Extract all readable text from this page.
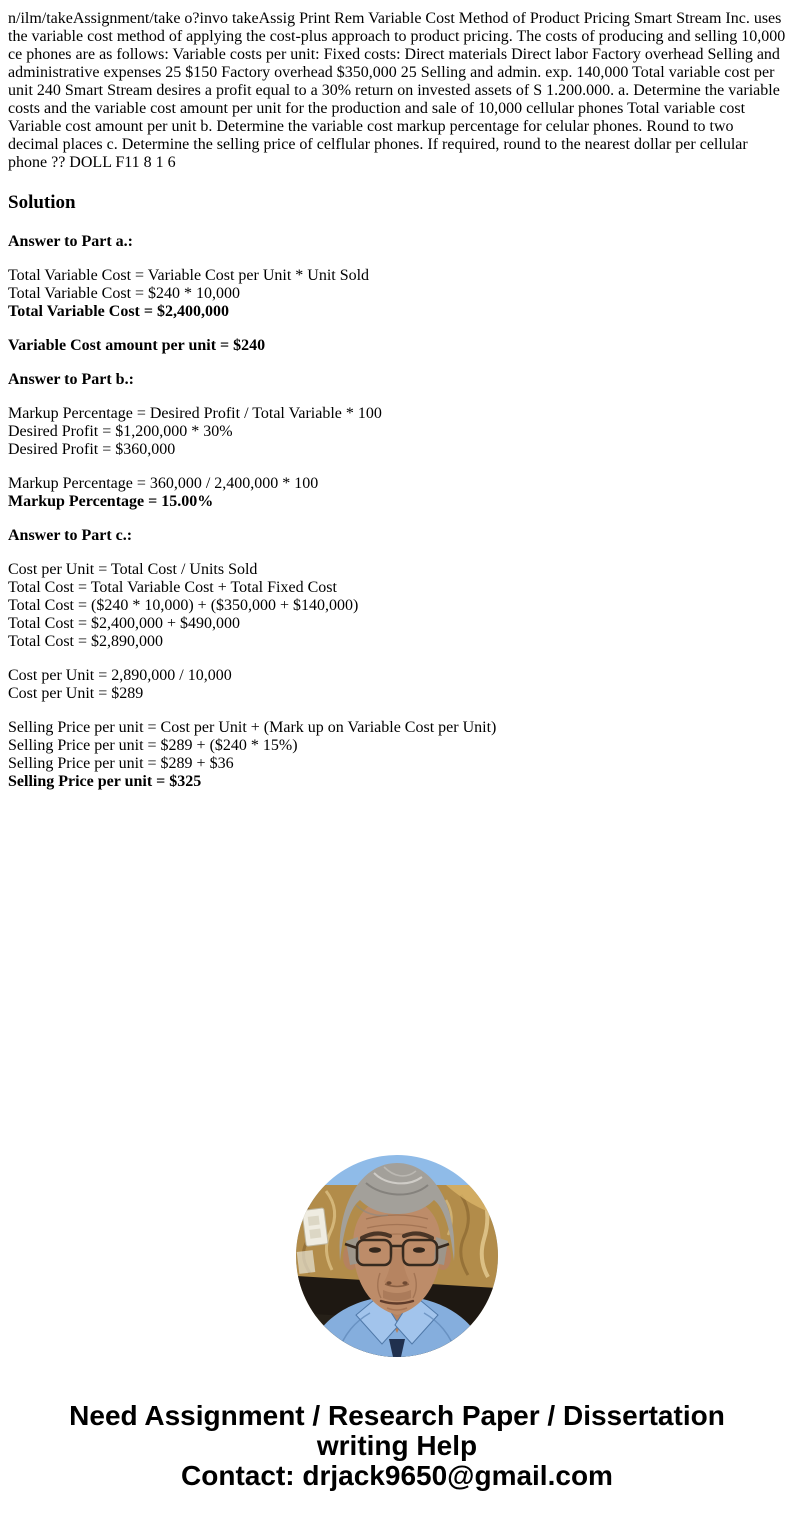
n/ilm/takeAssignment/take o?invo takeAssig Print Rem Variable Cost Method of Product Pricing Smart Stream Inc. uses the variable cost method of applying the cost-plus approach to product pricing. The costs of producing and selling 10,000 ce phones are as follows: Variable costs per unit: Fixed costs: Direct materials Direct labor Factory overhead Selling and administrative expenses 25 $150 Factory overhead $350,000 25 Selling and admin. exp. 140,000 Total variable cost per unit 240 Smart Stream desires a profit equal to a 30% return on invested assets of S 1.200.000. a. Determine the variable costs and the variable cost amount per unit for the production and sale of 10,000 cellular phones Total variable cost Variable cost amount per unit b. Determine the variable cost markup percentage for celular phones. Round to two decimal places c. Determine the selling price of celflular phones. If required, round to the nearest dollar per cellular phone ?? DOLL F11 8 1 6

Solution

Answer to Part a.:

Total Variable Cost = Variable Cost per Unit * Unit Sold
Total Variable Cost = $240 * 10,000
Total Variable Cost = $2,400,000

Variable Cost amount per unit = $240

Answer to Part b.:

Markup Percentage = Desired Profit / Total Variable * 100
Desired Profit = $1,200,000 * 30%
Desired Profit = $360,000

Markup Percentage = 360,000 / 2,400,000 * 100
Markup Percentage = 15.00%

Answer to Part c.:

Cost per Unit = Total Cost / Units Sold
Total Cost = Total Variable Cost + Total Fixed Cost
Total Cost = ($240 * 10,000) + ($350,000 + $140,000)
Total Cost = $2,400,000 + $490,000
Total Cost = $2,890,000

Cost per Unit = 2,890,000 / 10,000
Cost per Unit = $289

Selling Price per unit = Cost per Unit + (Mark up on Variable Cost per Unit)
Selling Price per unit = $289 + ($240 * 15%)
Selling Price per unit = $289 + $36
Selling Price per unit = $325

Need Assignment / Research Paper / Dissertation
writing Help
Contact: drjack9650@gmail.com
